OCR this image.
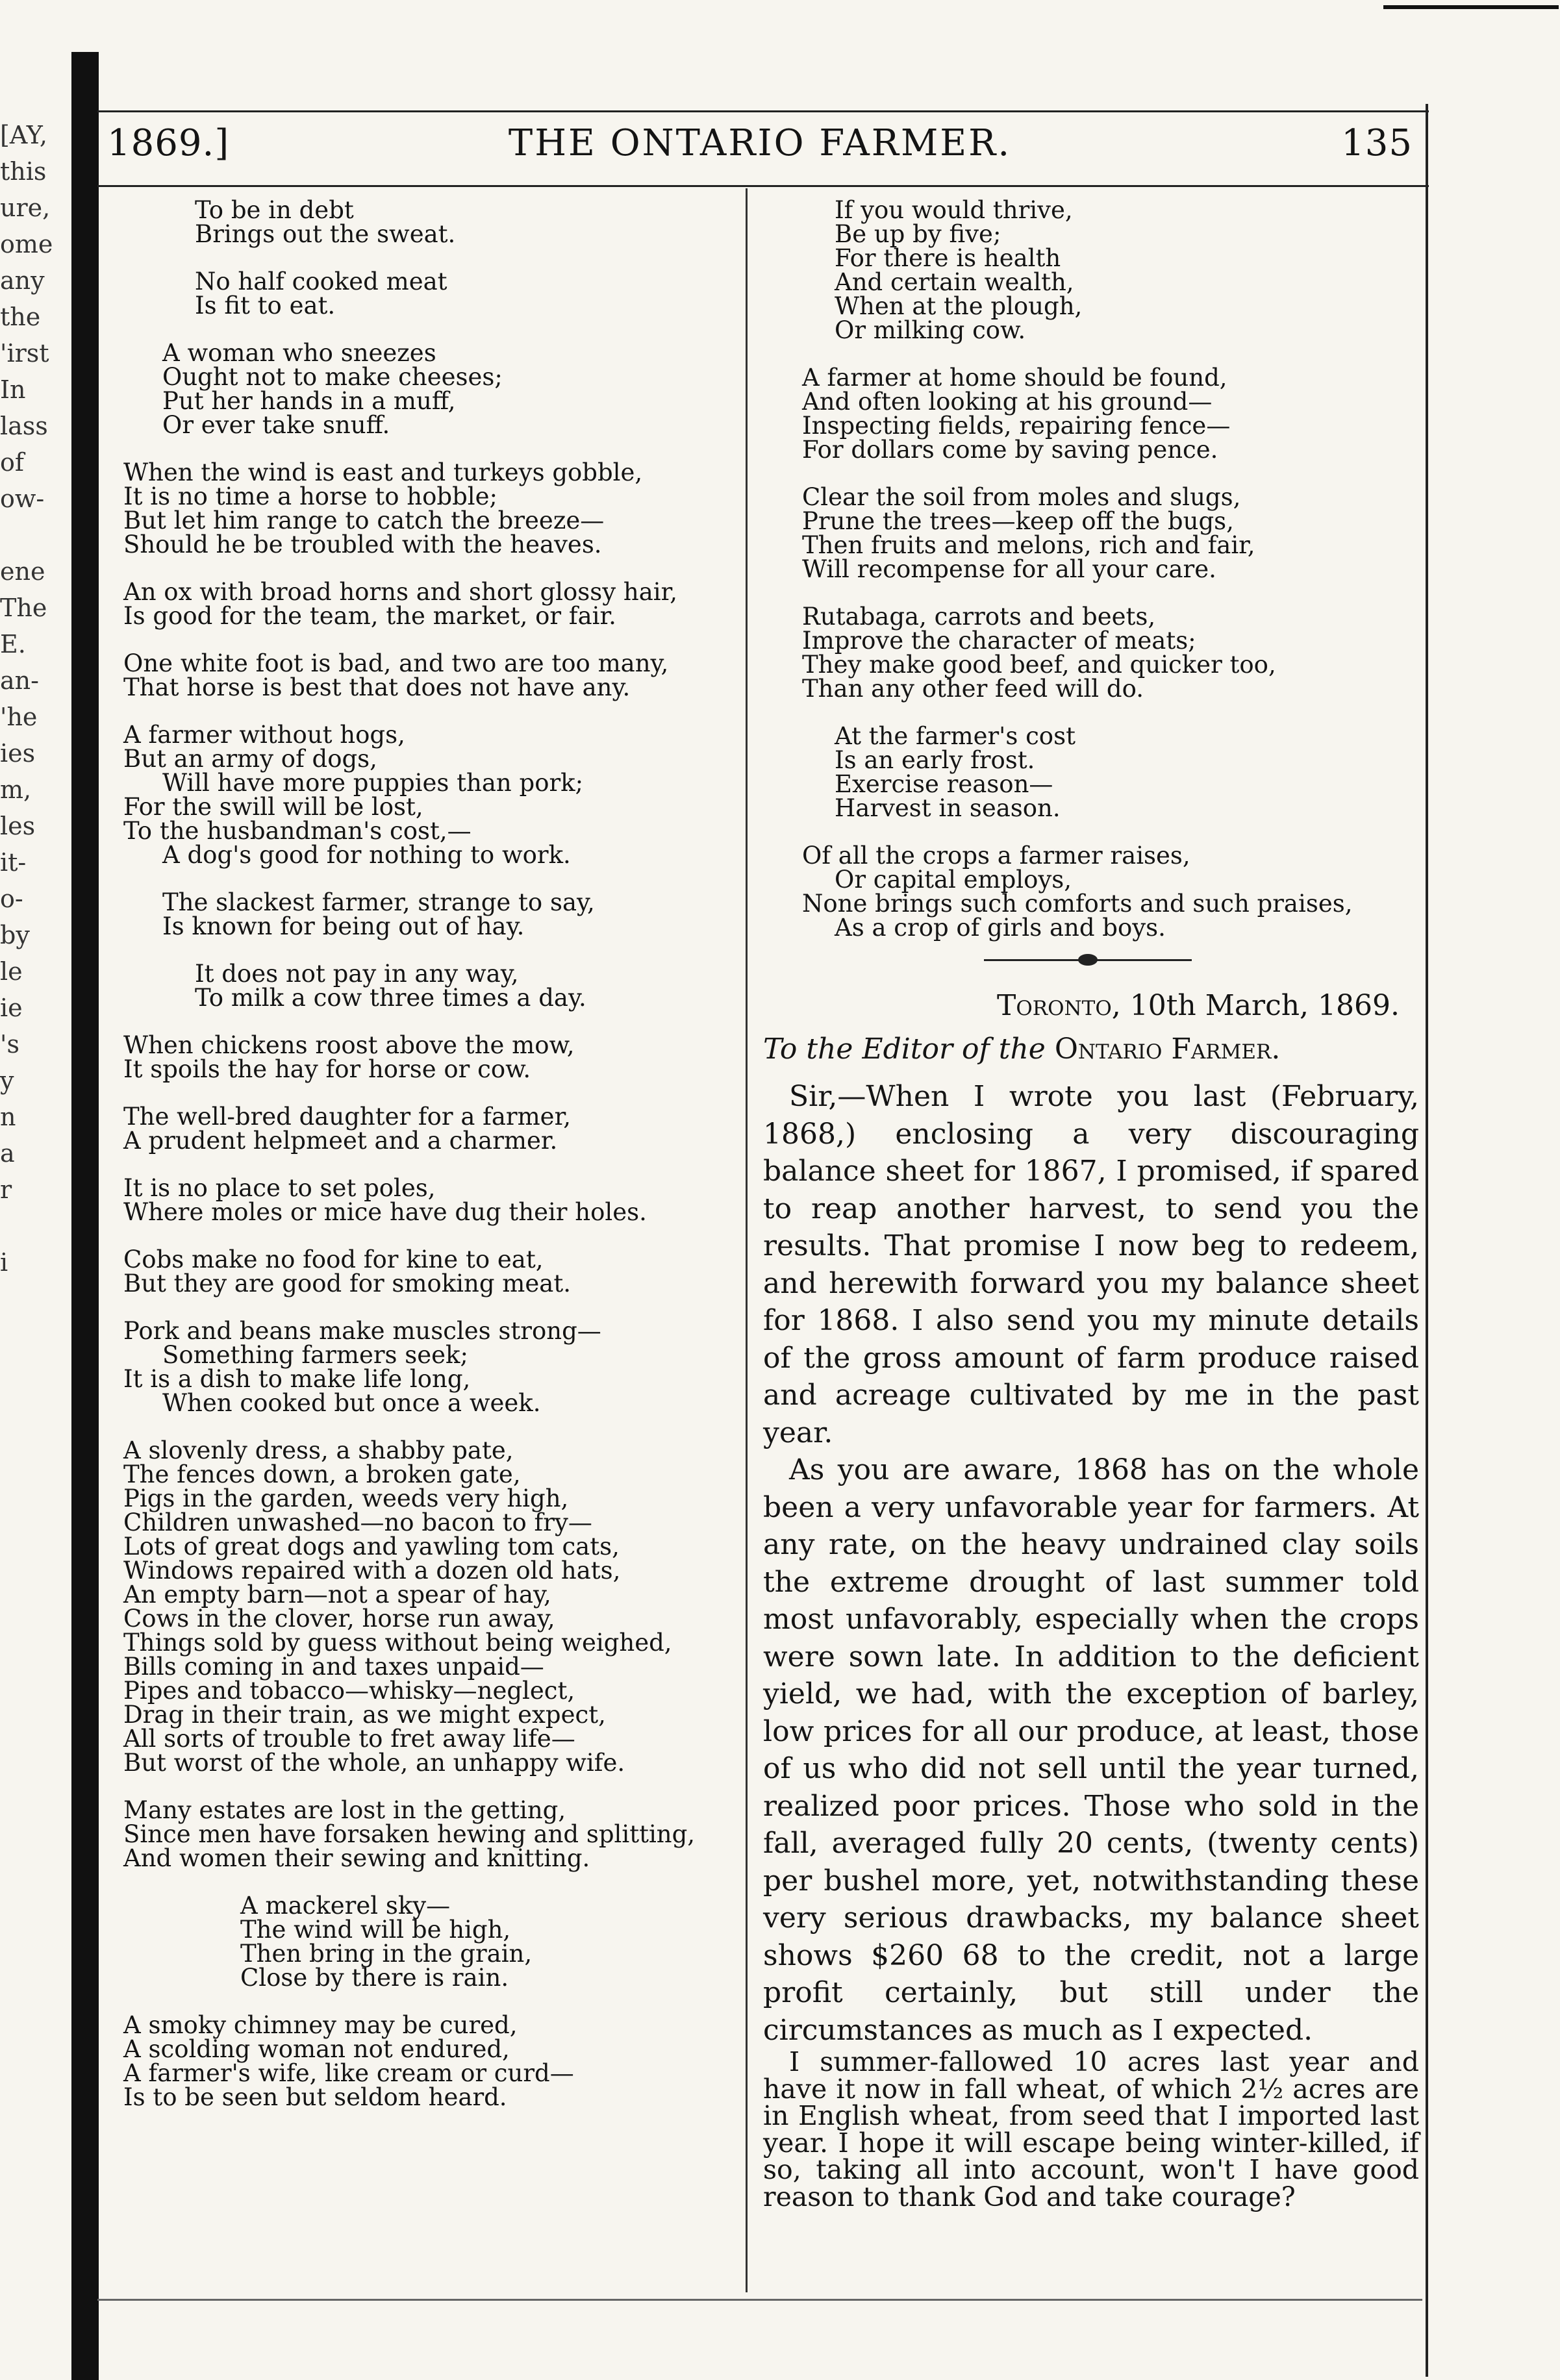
[AY,
this
ure,
ome
any
the
'irst
In
lass
of
ow-
ene
The
E.
an-
'he
ies
m,
les
it-
o-
by
le
ie
's
y
n
a
r
i
1869.]	THE ONTARIO FARMER.	135
To be in debt
Brings out the sweat.
No half cooked meat
Is fit to eat.
A woman who sneezes
Ought not to make cheeses;
Put her hands in a muff,
Or ever take snuff.
When the wind is east and turkeys gobble,
It is no time a horse to hobble;
But let him range to catch the breeze—
Should he be troubled with the heaves.
An ox with broad horns and short glossy hair,
Is good for the team, the market, or fair.
One white foot is bad, and two are too many,
That horse is best that does not have any.
A farmer without hogs,
But an army of dogs,
Will have more puppies than pork;
For the swill will be lost,
To the husbandman's cost,—
A dog's good for nothing to work.
The slackest farmer, strange to say,
Is known for being out of hay.
It does not pay in any way,
To milk a cow three times a day.
When chickens roost above the mow,
It spoils the hay for horse or cow.
The well-bred daughter for a farmer,
A prudent helpmeet and a charmer.
It is no place to set poles,
Where moles or mice have dug their holes.
Cobs make no food for kine to eat,
But they are good for smoking meat.
Pork and beans make muscles strong—
Something farmers seek;
It is a dish to make life long,
When cooked but once a week.
A slovenly dress, a shabby pate,
The fences down, a broken gate,
Pigs in the garden, weeds very high,
Children unwashed—no bacon to fry—
Lots of great dogs and yawling tom cats,
Windows repaired with a dozen old hats,
An empty barn—not a spear of hay,
Cows in the clover, horse run away,
Things sold by guess without being weighed,
Bills coming in and taxes unpaid—
Pipes and tobacco—whisky—neglect,
Drag in their train, as we might expect,
All sorts of trouble to fret away life—
But worst of the whole, an unhappy wife.
Many estates are lost in the getting,
Since men have forsaken hewing and splitting,
And women their sewing and knitting.
A mackerel sky—
The wind will be high,
Then bring in the grain,
Close by there is rain.
A smoky chimney may be cured,
A scolding woman not endured,
A farmer's wife, like cream or curd—
Is to be seen but seldom heard.
If you would thrive,
Be up by five;
For there is health
And certain wealth,
When at the plough,
Or milking cow.
A farmer at home should be found,
And often looking at his ground—
Inspecting fields, repairing fence—
For dollars come by saving pence.
Clear the soil from moles and slugs,
Prune the trees—keep off the bugs,
Then fruits and melons, rich and fair,
Will recompense for all your care.
Rutabaga, carrots and beets,
Improve the character of meats;
They make good beef, and quicker too,
Than any other feed will do.
At the farmer's cost
Is an early frost.
Exercise reason—
Harvest in season.
Of all the crops a farmer raises,
Or capital employs,
None brings such comforts and such praises,
As a crop of girls and boys.
Toronto, 10th March, 1869.
To the Editor of the Ontario Farmer.

Sir,—When I wrote you last (February, 1868,) enclosing a very discouraging balance sheet for 1867, I promised, if spared to reap another harvest, to send you the results. That promise I now beg to redeem, and herewith forward you my balance sheet for 1868. I also send you my minute details of the gross amount of farm produce raised and acreage cultivated by me in the past year.

As you are aware, 1868 has on the whole been a very unfavorable year for farmers. At any rate, on the heavy undrained clay soils the extreme drought of last summer told most unfavorably, especially when the crops were sown late. In addition to the deficient yield, we had, with the exception of barley, low prices for all our produce, at least, those of us who did not sell until the year turned, realized poor prices. Those who sold in the fall, averaged fully 20 cents, (twenty cents) per bushel more, yet, notwithstanding these very serious drawbacks, my balance sheet shows $260 68 to the credit, not a large profit certainly, but still under the circumstances as much as I expected.

I summer-fallowed 10 acres last year and have it now in fall wheat, of which 2½ acres are in English wheat, from seed that I imported last year. I hope it will escape being winter-killed, if so, taking all into account, won't I have good reason to thank God and take courage?
